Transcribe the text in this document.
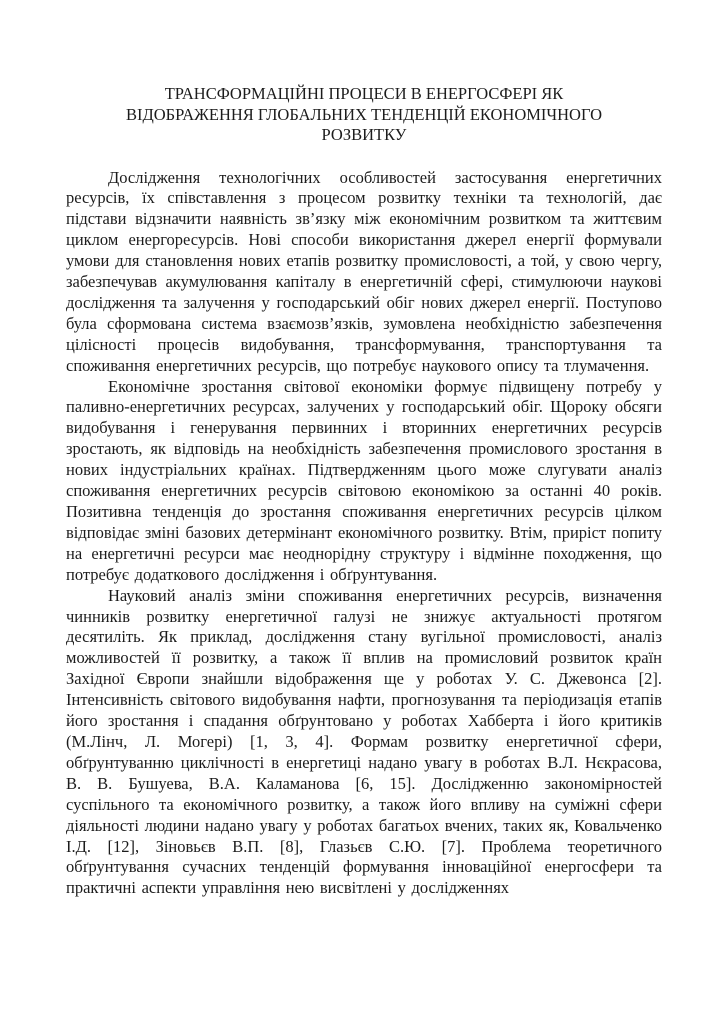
ТРАНСФОРМАЦІЙНІ ПРОЦЕСИ В ЕНЕРГОСФЕРІ ЯК ВІДОБРАЖЕННЯ ГЛОБАЛЬНИХ ТЕНДЕНЦІЙ ЕКОНОМІЧНОГО РОЗВИТКУ

Дослідження технологічних особливостей застосування енергетичних ресурсів, їх співставлення з процесом розвитку техніки та технологій, дає підстави відзначити наявність зв’язку між економічним розвитком та життєвим циклом енергоресурсів. Нові способи використання джерел енергії формували умови для становлення нових етапів розвитку промисловості, а той, у свою чергу, забезпечував акумулювання капіталу в енергетичній сфері, стимулюючи наукові дослідження та залучення у господарський обіг нових джерел енергії. Поступово була сформована система взаємозв’язків, зумовлена необхідністю забезпечення цілісності процесів видобування, трансформування, транспортування та споживання енергетичних ресурсів, що потребує наукового опису та тлумачення.

Економічне зростання світової економіки формує підвищену потребу у паливно-енергетичних ресурсах, залучених у господарський обіг. Щороку обсяги видобування і генерування первинних і вторинних енергетичних ресурсів зростають, як відповідь на необхідність забезпечення промислового зростання в нових індустріальних країнах. Підтвердженням цього може слугувати аналіз споживання енергетичних ресурсів світовою економікою за останні 40 років. Позитивна тенденція до зростання споживання енергетичних ресурсів цілком відповідає зміні базових детермінант економічного розвитку. Втім, приріст попиту на енергетичні ресурси має неоднорідну структуру і відмінне походження, що потребує додаткового дослідження і обґрунтування.

Науковий аналіз зміни споживання енергетичних ресурсів, визначення чинників розвитку енергетичної галузі не знижує актуальності протягом десятиліть. Як приклад, дослідження стану вугільної промисловості, аналіз можливостей її розвитку, а також її вплив на промисловий розвиток країн Західної Європи знайшли відображення ще у роботах У. С. Джевонса [2]. Інтенсивність світового видобування нафти, прогнозування та періодизація етапів його зростання і спадання обґрунтовано у роботах Хабберта і його критиків (М.Лінч, Л. Могері) [1, 3, 4]. Формам розвитку енергетичної сфери, обґрунтуванню циклічності в енергетиці надано увагу в роботах В.Л. Нєкрасова, В. В. Бушуева, В.А. Каламанова [6, 15]. Дослідженню закономірностей суспільного та економічного розвитку, а також його впливу на суміжні сфери діяльності людини надано увагу у роботах багатьох вчених, таких як, Ковальченко І.Д. [12], Зіновьєв В.П. [8], Глазьєв С.Ю. [7]. Проблема теоретичного обґрунтування сучасних тенденцій формування інноваційної енергосфери та практичні аспекти управління нею висвітлені у дослідженнях
